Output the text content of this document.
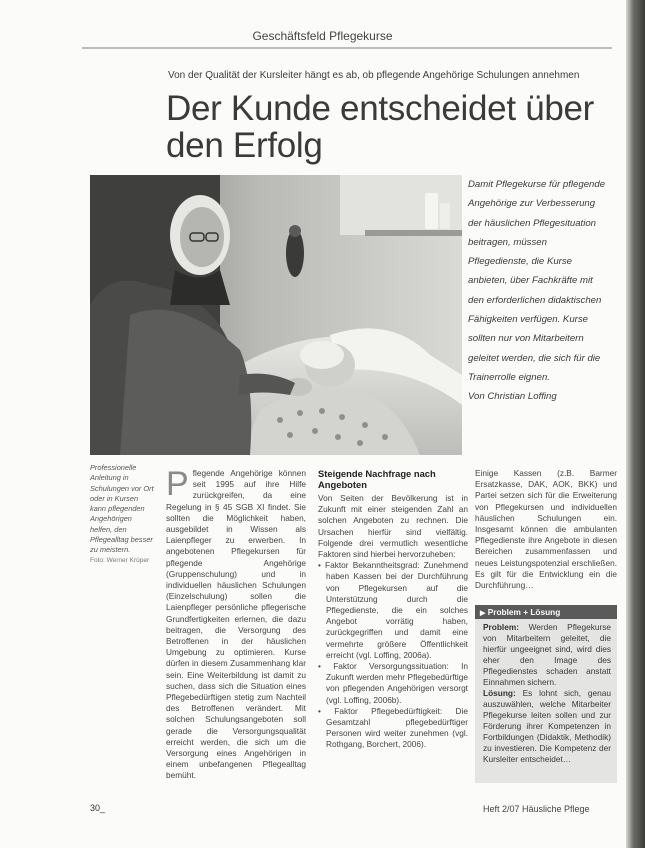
Geschäftsfeld Pflegekurse
Von der Qualität der Kursleiter hängt es ab, ob pflegende Angehörige Schulungen annehmen
Der Kunde entscheidet über
den Erfolg
Damit Pflegekurse für pflegende Angehörige zur Verbesserung der häuslichen Pflegesituation beitragen, müssen Pflegedienste, die Kurse anbieten, über Fachkräfte mit den erforderlichen didaktischen Fähigkeiten verfügen. Kurse sollten nur von Mitarbeitern geleitet werden, die sich für die Trainerrolle eignen.
Von Christian Loffing
Professionelle Anleitung in Schulungen vor Ort oder in Kursen kann pflegenden Angehörigen helfen, den Pflegealltag besser zu meistern.
Foto: Werner Krüper
P flegende Angehörige können seit 1995 auf ihre Hilfe zurückgreifen, da eine Regelung in § 45 SGB XI findet. Sie sollten die Möglichkeit haben, ausgebildet in Wissen als Laienpfleger zu erwerben. In angebotenen Pflegekursen für pflegende Angehörige (Gruppenschulung) und in individuellen häuslichen Schulungen (Einzelschulung) sollen die Laienpfleger persönliche pflegerische Grundfertigkeiten erlernen, die dazu beitragen, die Versorgung des Betroffenen in der häuslichen Umgebung zu optimieren. Kurse dürfen in diesem Zusammenhang klar sein. Eine Weiterbildung ist damit zu suchen, dass sich die Situation eines Pflegebedürftigen stetig zum Nachteil des Betroffenen verändert. Mit solchen Schulungsangeboten soll gerade die Versorgungsqualität erreicht werden, die sich um die Versorgung eines Angehörigen in einem unbefangenen Pflegealltag bemüht.
Steigende Nachfrage nach Angeboten

Von Seiten der Bevölkerung ist in Zukunft mit einer steigenden Zahl an solchen Angeboten zu rechnen. Die Ursachen hierfür sind vielfältig. Folgende drei vermutlich wesentliche Faktoren sind hierbei hervorzuheben:

• Faktor Bekanntheitsgrad: Zunehmend haben Kassen bei der Durchführung von Pflegekursen auf die Unterstützung durch die Pflegedienste, die ein solches Angebot vorrätig haben, zurückgegriffen und damit eine vermehrte größere Öffentlichkeit erreicht (vgl. Loffing, 2006a).
• Faktor Versorgungssituation: In Zukunft werden mehr Pflegebedürftige von pflegenden Angehörigen versorgt (vgl. Loffing, 2006b).
• Faktor Pflegebedürftigkeit: Die Gesamtzahl pflegebedürftiger Personen wird weiter zunehmen (vgl. Rothgang, Borchert, 2006).
Einige Kassen (z.B. Barmer Ersatzkasse, DAK, AOK, BKK) und Partei setzen sich für die Erweiterung von Pflegekursen und individuellen häuslichen Schulungen ein. Insgesamt können die ambulanten Pflegedienste ihre Angebote in diesen Bereichen zusammenfassen und neues Leistungspotenzial erschließen. Es gilt für die Entwicklung ein die Durchführung…
▶ Problem + Lösung
Problem: Werden Pflegekurse von Mitarbeitern geleitet, die hierfür ungeeignet sind, wird dies eher den Image des Pflegedienstes schaden anstatt Einnahmen sichern.
Lösung: Es lohnt sich, genau auszuwählen, welche Mitarbeiter Pflegekurse leiten sollen und zur Förderung ihrer Kompetenzen in Fortbildungen (Didaktik, Methodik) zu investieren. Die Kompetenz der Kursleiter entscheidet…
30_	Heft 2/07 Häusliche Pflege
